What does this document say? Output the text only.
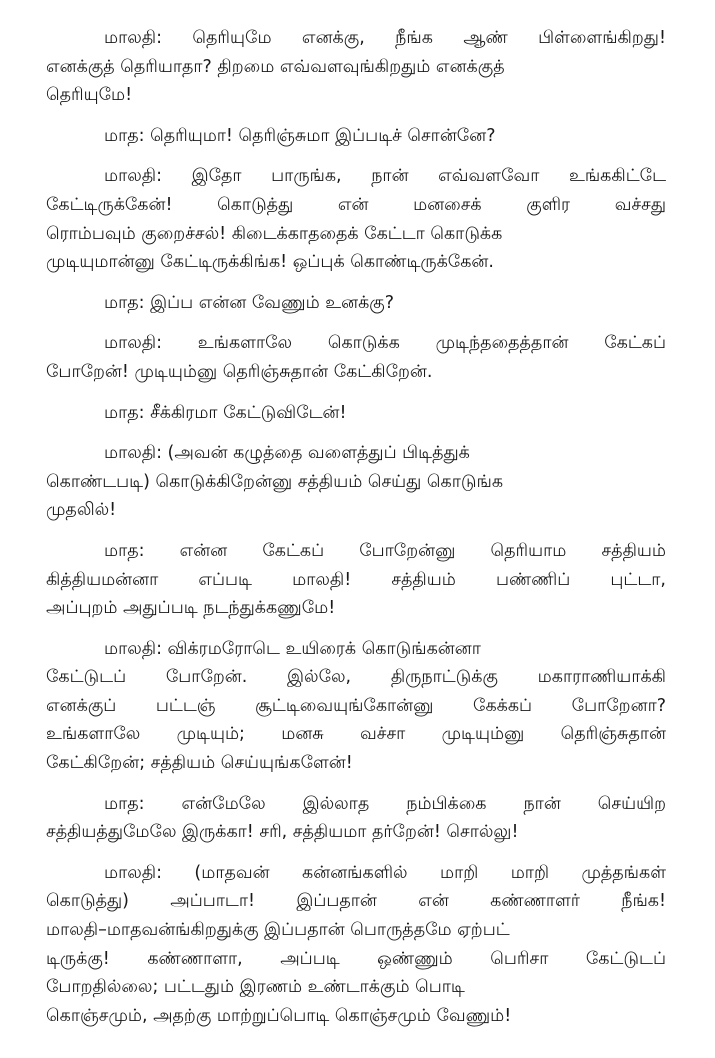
மாலதி: தெரியுமே எனக்கு, நீங்க ஆண் பிள்ளைங்கிறது!
எனக்குத் தெரியாதா? திறமை எவ்வளவுங்கிறதும் எனக்குத்
தெரியுமே!
மாத: தெரியுமா! தெரிஞ்சுமா இப்படிச் சொன்னே?
மாலதி: இதோ பாருங்க, நான் எவ்வளவோ உங்ககிட்டே
கேட்டிருக்கேன்! கொடுத்து என் மனசைக் குளிர வச்சது
ரொம்பவும் குறைச்சல்! கிடைக்காததைக் கேட்டா கொடுக்க
முடியுமான்னு கேட்டிருக்கிங்க! ஒப்புக் கொண்டிருக்கேன்.
மாத: இப்ப என்ன வேணும் உனக்கு?
மாலதி: உங்களாலே கொடுக்க முடிந்ததைத்தான் கேட்கப்
போறேன்! முடியும்னு தெரிஞ்சுதான் கேட்கிறேன்.
மாத: சீக்கிரமா கேட்டுவிடேன்!
மாலதி: (அவன் கழுத்தை வளைத்துப் பிடித்துக்
கொண்டபடி) கொடுக்கிறேன்னு சத்தியம் செய்து கொடுங்க
முதலில்!
மாத: என்ன கேட்கப் போறேன்னு தெரியாம சத்தியம்
கித்தியமன்னா எப்படி மாலதி! சத்தியம் பண்ணிப் புட்டா,
அப்புறம் அதுப்படி நடந்துக்கணுமே!
மாலதி: விக்ரமரோடெ உயிரைக் கொடுங்கன்னா
கேட்டுடப் போறேன். இல்லே, திருநாட்டுக்கு மகாராணியாக்கி
எனக்குப் பட்டஞ் சூட்டிவையுங்கோன்னு கேக்கப் போறேனா?
உங்களாலே முடியும்; மனசு வச்சா முடியும்னு தெரிஞ்சுதான்
கேட்கிறேன்; சத்தியம் செய்யுங்களேன்!
மாத: என்மேலே இல்லாத நம்பிக்கை நான் செய்யிற
சத்தியத்துமேலே இருக்கா! சரி, சத்தியமா தர்றேன்! சொல்லு!
மாலதி: (மாதவன் கன்னங்களில் மாறி மாறி முத்தங்கள்
கொடுத்து) அப்பாடா! இப்பதான் என் கண்ணாளர் நீங்க!
மாலதி–மாதவன்ங்கிறதுக்கு இப்பதான் பொருத்தமே ஏற்பட்
டிருக்கு! கண்ணாளா, அப்படி ஒண்ணும் பெரிசா கேட்டுடப்
போறதில்லை; பட்டதும் இரணம் உண்டாக்கும் பொடி
கொஞ்சமும், அதற்கு மாற்றுப்பொடி கொஞ்சமும் வேணும்!
